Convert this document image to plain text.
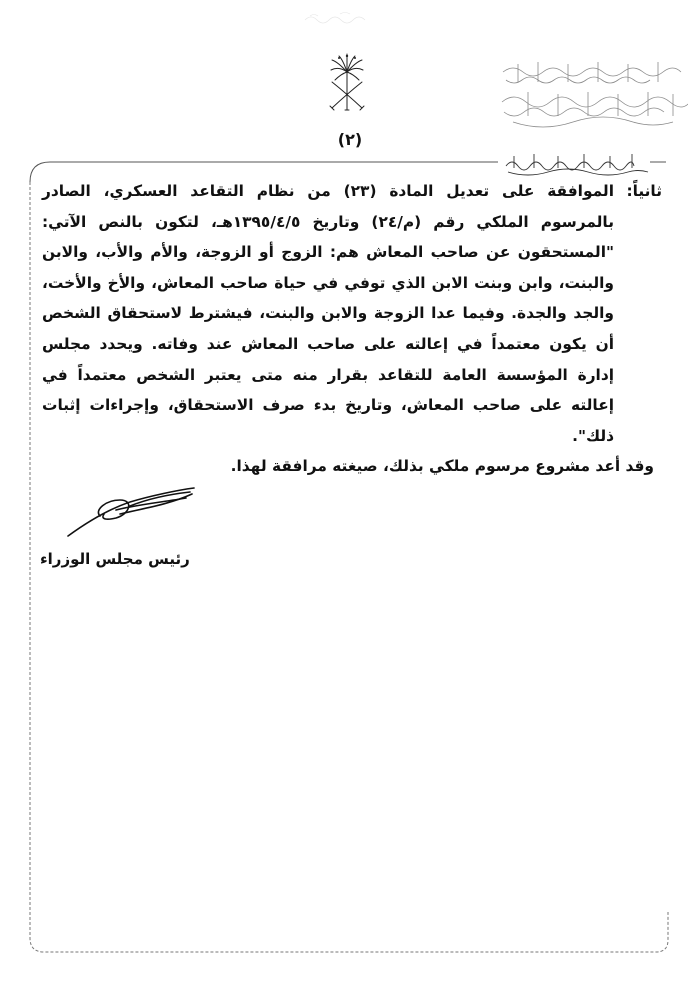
(٢)

ثانياً:
الموافقة على تعديل المادة (٢٣) من نظام التقاعد العسكري، الصادر بالمرسوم الملكي رقم (م/٢٤) وتاريخ ١٣٩٥/٤/٥هـ، لتكون بالنص الآتي: "المستحقون عن صاحب المعاش هم: الزوج أو الزوجة، والأم والأب، والابن والبنت، وابن وبنت الابن الذي توفي في حياة صاحب المعاش، والأخ والأخت، والجد والجدة. وفيما عدا الزوجة والابن والبنت، فيشترط لاستحقاق الشخص أن يكون معتمداً في إعالته على صاحب المعاش عند وفاته. ويحدد مجلس إدارة المؤسسة العامة للتقاعد بقرار منه متى يعتبر الشخص معتمداً في إعالته على صاحب المعاش، وتاريخ بدء صرف الاستحقاق، وإجراءات إثبات ذلك".

وقد أعد مشروع مرسوم ملكي بذلك، صيغته مرافقة لهذا.

رئيس مجلس الوزراء
